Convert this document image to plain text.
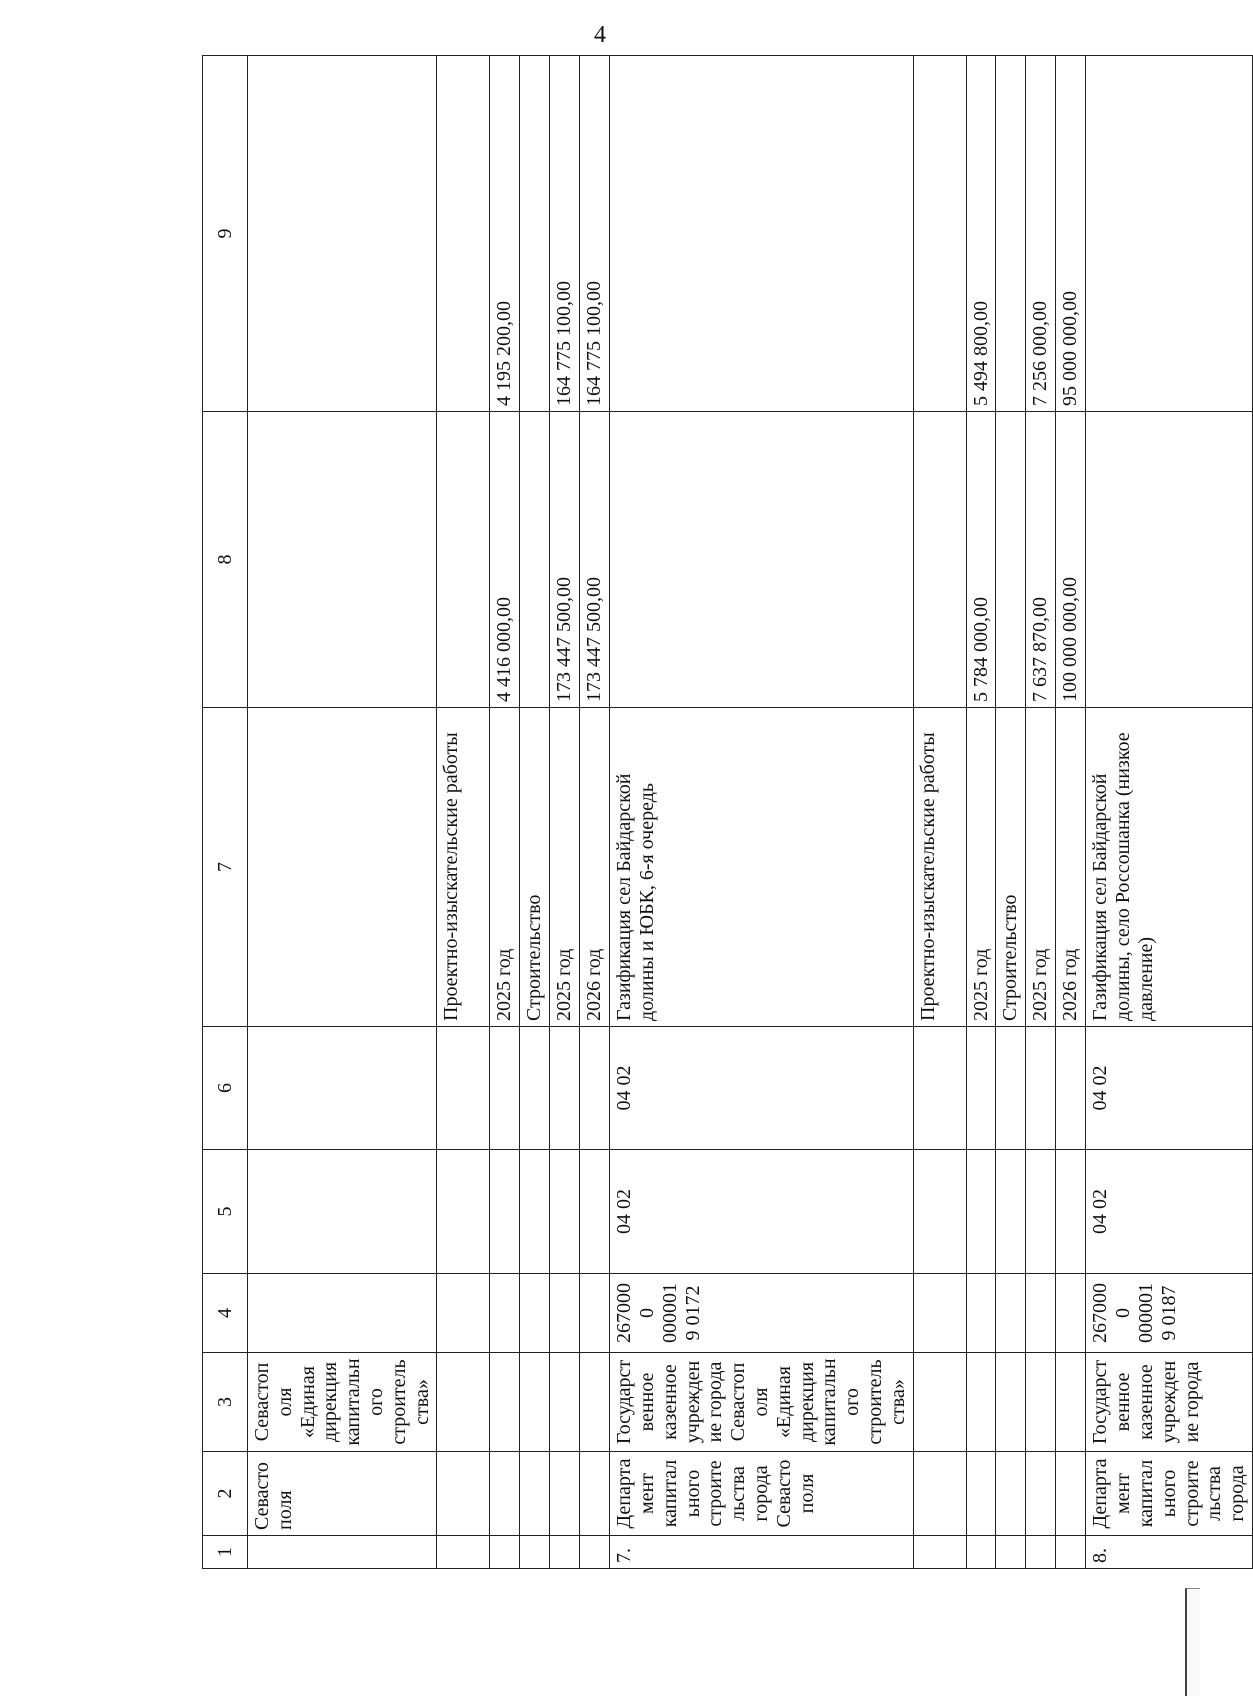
4
1	2	3	4	5	6	7	8	9
	Севастополя	Севастополя «Единая дирекция капитального строительства»						
						Проектно-изыскательские работы		
						2025 год	4 416 000,00	4 195 200,00
						Строительство		
						2025 год	173 447 500,00	164 775 100,00
						2026 год	173 447 500,00	164 775 100,00
7.	Департамент капитального строительства города Севастополя	Государственное казенное учреждение города Севастополя «Единая дирекция капитального строительства»	2670000 0000019 0172	04 02	04 02	Газификация сел Байдарской долины и ЮБК, 6-я очередь		
						Проектно-изыскательские работы		
						2025 год	5 784 000,00	5 494 800,00
						Строительство		
						2025 год	7 637 870,00	7 256 000,00
						2026 год	100 000 000,00	95 000 000,00
8.	Департамент капитального строительства города	Государственное казенное учреждение города	2670000 0000019 0187	04 02	04 02	Газификация сел Байдарской долины, село Россошанка (низкое давление)		
